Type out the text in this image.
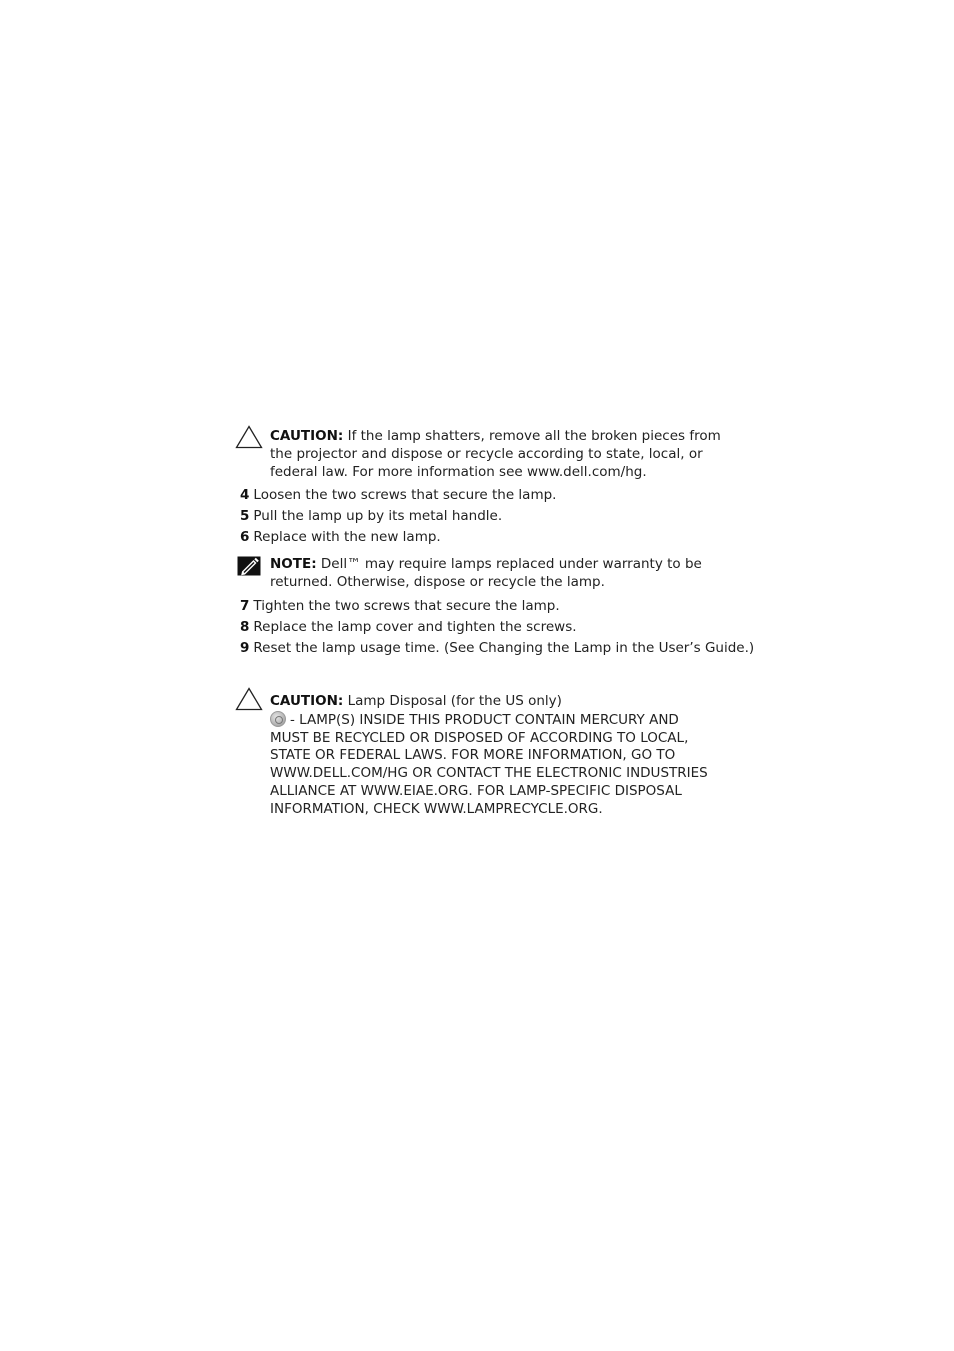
CAUTION: If the lamp shatters, remove all the broken pieces from
the projector and dispose or recycle according to state, local, or
federal law. For more information see www.dell.com/hg.

4 Loosen the two screws that secure the lamp.

5 Pull the lamp up by its metal handle.

6 Replace with the new lamp.

NOTE: Dell™ may require lamps replaced under warranty to be
returned. Otherwise, dispose or recycle the lamp.

7 Tighten the two screws that secure the lamp.

8 Replace the lamp cover and tighten the screws.

9 Reset the lamp usage time. (See Changing the Lamp in the User’s Guide.)

CAUTION: Lamp Disposal (for the US only)
- LAMP(S) INSIDE THIS PRODUCT CONTAIN MERCURY AND
MUST BE RECYCLED OR DISPOSED OF ACCORDING TO LOCAL,
STATE OR FEDERAL LAWS. FOR MORE INFORMATION, GO TO
WWW.DELL.COM/HG OR CONTACT THE ELECTRONIC INDUSTRIES
ALLIANCE AT WWW.EIAE.ORG. FOR LAMP-SPECIFIC DISPOSAL
INFORMATION, CHECK WWW.LAMPRECYCLE.ORG.
